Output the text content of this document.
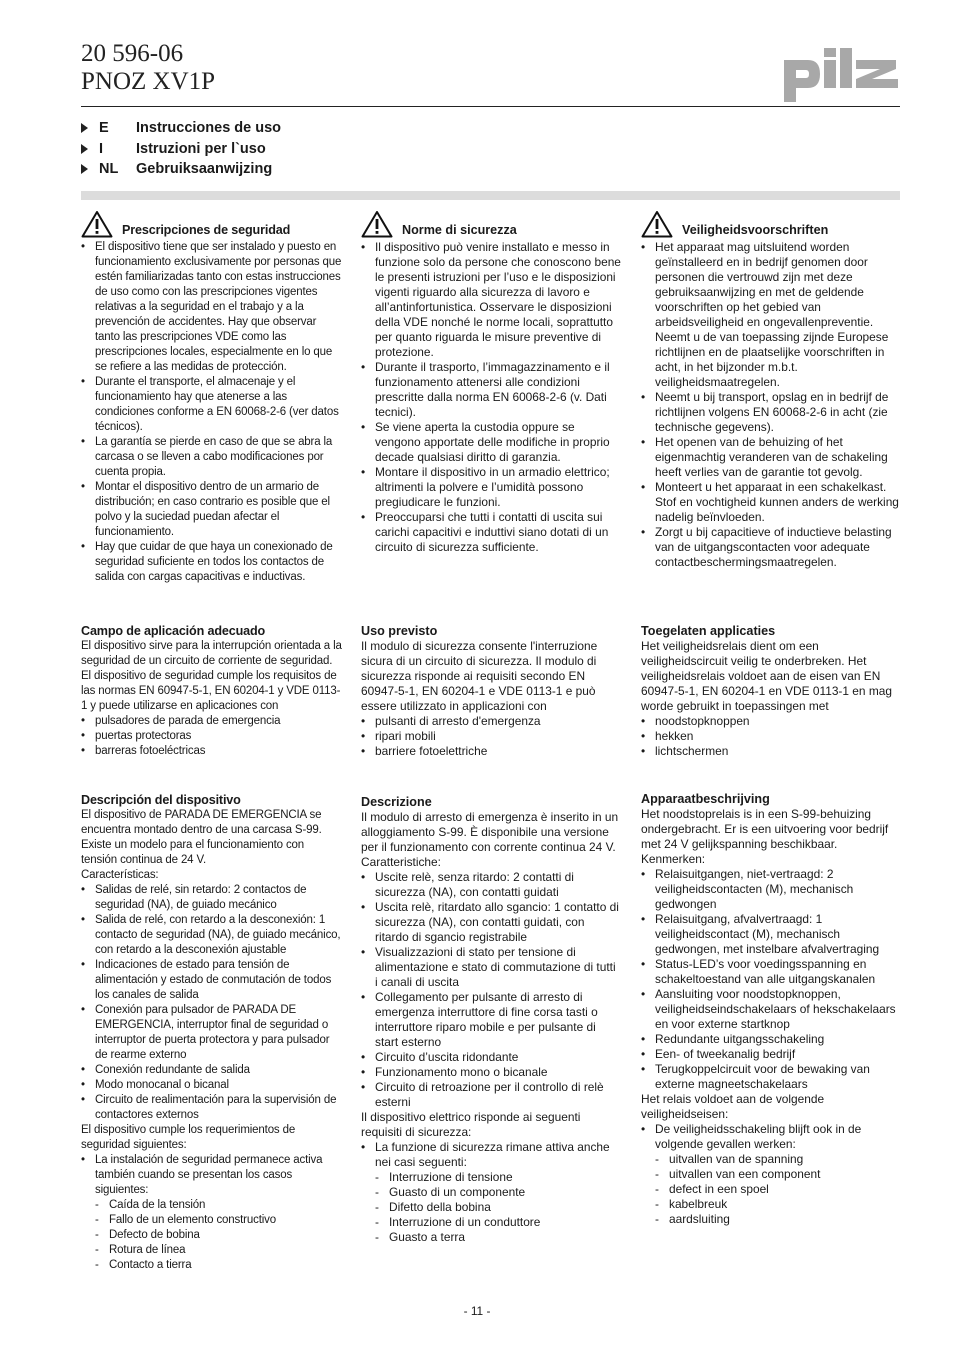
20 596-06
PNOZ XV1P
E	Instrucciones de uso
I	Istruzioni per l`uso
NL	Gebruiksaanwijzing
Prescripciones de seguridad
• El dispositivo tiene que ser instalado y puesto en funcionamiento exclusivamente por personas que estén familiarizadas tanto con estas instrucciones de uso como con las prescripciones vigentes relativas a la seguridad en el trabajo y a la prevención de accidentes. Hay que observar tanto las prescripciones VDE como las prescripciones locales, especialmente en lo que se refiere a las medidas de protección.
• Durante el transporte, el almacenaje y el funcionamiento hay que atenerse a las condiciones conforme a EN 60068-2-6 (ver datos técnicos).
• La garantía se pierde en caso de que se abra la carcasa o se lleven a cabo modificaciones por cuenta propia.
• Montar el dispositivo dentro de un armario de distribución; en caso contrario es posible que el polvo y la suciedad puedan afectar el funcionamiento.
• Hay que cuidar de que haya un conexionado de seguridad suficiente en todos los contactos de salida con cargas capacitivas e inductivas.
Campo de aplicación adecuado

El dispositivo sirve para la interrupción orientada a la seguridad de un circuito de corriente de seguridad. El dispositivo de seguridad cumple los requisitos de las normas EN 60947-5-1, EN 60204-1 y VDE 0113-1 y puede utilizarse en aplicaciones con

• pulsadores de parada de emergencia
• puertas protectoras
• barreras fotoeléctricas
Descripción del dispositivo

El dispositivo de PARADA DE EMERGENCIA se encuentra montado dentro de una carcasa S-99. Existe un modelo para el funcionamiento con tensión continua de 24 V.

Características:

• Salidas de relé, sin retardo: 2 contactos de seguridad (NA), de guiado mecánico
• Salida de relé, con retardo a la desconexión: 1 contacto de seguridad (NA), de guiado mecánico, con retardo a la desconexión ajustable
• Indicaciones de estado para tensión de alimentación y estado de conmutación de todos los canales de salida
• Conexión para pulsador de PARADA DE EMERGENCIA, interruptor final de seguridad o interruptor de puerta protectora y para pulsador de rearme externo
• Conexión redundante de salida
• Modo monocanal o bicanal
• Circuito de realimentación para la supervisión de contactores externos

El dispositivo cumple los requerimientos de seguridad siguientes:

• La instalación de seguridad permanece activa también cuando se presentan los casos siguientes:
- Caída de la tensión
- Fallo de un elemento constructivo
- Defecto de bobina
- Rotura de línea
- Contacto a tierra
Norme di sicurezza
• Il dispositivo può venire installato e messo in funzione solo da persone che conoscono bene le presenti istruzioni per l’uso e le disposizioni vigenti riguardo alla sicurezza di lavoro e all’antinfortunistica. Osservare le disposizioni della VDE nonché le norme locali, soprattutto per quanto riguarda le misure preventive di protezione.
• Durante il trasporto, l’immagazzinamento e il funzionamento attenersi alle condizioni prescritte dalla norma EN 60068-2-6 (v. Dati tecnici).
• Se viene aperta la custodia oppure se vengono apportate delle modifiche in proprio decade qualsiasi diritto di garanzia.
• Montare il dispositivo in un armadio elettrico; altrimenti la polvere e l’umidità possono pregiudicare le funzioni.
• Preoccuparsi che tutti i contatti di uscita sui carichi capacitivi e induttivi siano dotati di un circuito di sicurezza sufficiente.
Uso previsto

Il modulo di sicurezza consente l'interruzione sicura di un circuito di sicurezza. Il modulo di sicurezza risponde ai requisiti secondo EN 60947-5-1, EN 60204-1 e VDE 0113-1 e può essere utilizzato in applicazioni con

• pulsanti di arresto d'emergenza
• ripari mobili
• barriere fotoelettriche
Descrizione

Il modulo di arresto di emergenza è inserito in un alloggiamento S-99. È disponibile una versione per il funzionamento con corrente continua 24 V.

Caratteristiche:

• Uscite relè, senza ritardo: 2 contatti di sicurezza (NA), con contatti guidati
• Uscita relè, ritardato allo sgancio: 1 contatto di sicurezza (NA), con contatti guidati, con ritardo di sgancio registrabile
• Visualizzazioni di stato per tensione di alimentazione e stato di commutazione di tutti i canali di uscita
• Collegamento per pulsante di arresto di emergenza interruttore di fine corsa tasti o interruttore riparo mobile e per pulsante di start esterno
• Circuito d’uscita ridondante
• Funzionamento mono o bicanale
• Circuito di retroazione per il controllo di relè esterni

Il dispositivo elettrico risponde ai seguenti requisiti di sicurezza:

• La funzione di sicurezza rimane attiva anche nei casi seguenti:
- Interruzione di tensione
- Guasto di un componente
- Difetto della bobina
- Interruzione di un conduttore
- Guasto a terra
Veiligheidsvoorschriften
• Het apparaat mag uitsluitend worden geïnstalleerd en in bedrijf genomen door personen die vertrouwd zijn met deze gebruiksaanwijzing en met de geldende voorschriften op het gebied van arbeidsveiligheid en ongevallenpreventie. Neemt u de van toepassing zijnde Europese richtlijnen en de plaatselijke voorschriften in acht, in het bijzonder m.b.t. veiligheidsmaatregelen.
• Neemt u bij transport, opslag en in bedrijf de richtlijnen volgens EN 60068-2-6 in acht (zie technische gegevens).
• Het openen van de behuizing of het eigenmachtig veranderen van de schakeling heeft verlies van de garantie tot gevolg.
• Monteert u het apparaat in een schakelkast. Stof en vochtigheid kunnen anders de werking nadelig beïnvloeden.
• Zorgt u bij capacitieve of inductieve belasting van de uitgangscontacten voor adequate contactbeschermingsmaatregelen.
Toegelaten applicaties

Het veiligheidsrelais dient om een veiligheidscircuit veilig te onderbreken. Het veiligheidsrelais voldoet aan de eisen van EN 60947-5-1, EN 60204-1 en VDE 0113-1 en mag worde gebruikt in toepassingen met

• noodstopknoppen
• hekken
• lichtschermen
Apparaatbeschrijving

Het noodstoprelais is in een S-99-behuizing ondergebracht. Er is een uitvoering voor bedrijf met 24 V gelijkspanning beschikbaar.

Kenmerken:

• Relaisuitgangen, niet-vertraagd: 2 veiligheidscontacten (M), mechanisch gedwongen
• Relaisuitgang, afvalvertraagd: 1 veiligheidscontact (M), mechanisch gedwongen, met instelbare afvalvertraging
• Status-LED’s voor voedingsspanning en schakeltoestand van alle uitgangskanalen
• Aansluiting voor noodstopknoppen, veiligheidseindschakelaars of hekschakelaars en voor externe startknop
• Redundante uitgangsschakeling
• Een- of tweekanalig bedrijf
• Terugkoppelcircuit voor de bewaking van externe magneetschakelaars

Het relais voldoet aan de volgende veiligheidseisen:

• De veiligheidsschakeling blijft ook in de volgende gevallen werken:
- uitvallen van de spanning
- uitvallen van een component
- defect in een spoel
- kabelbreuk
- aardsluiting
- 11 -
